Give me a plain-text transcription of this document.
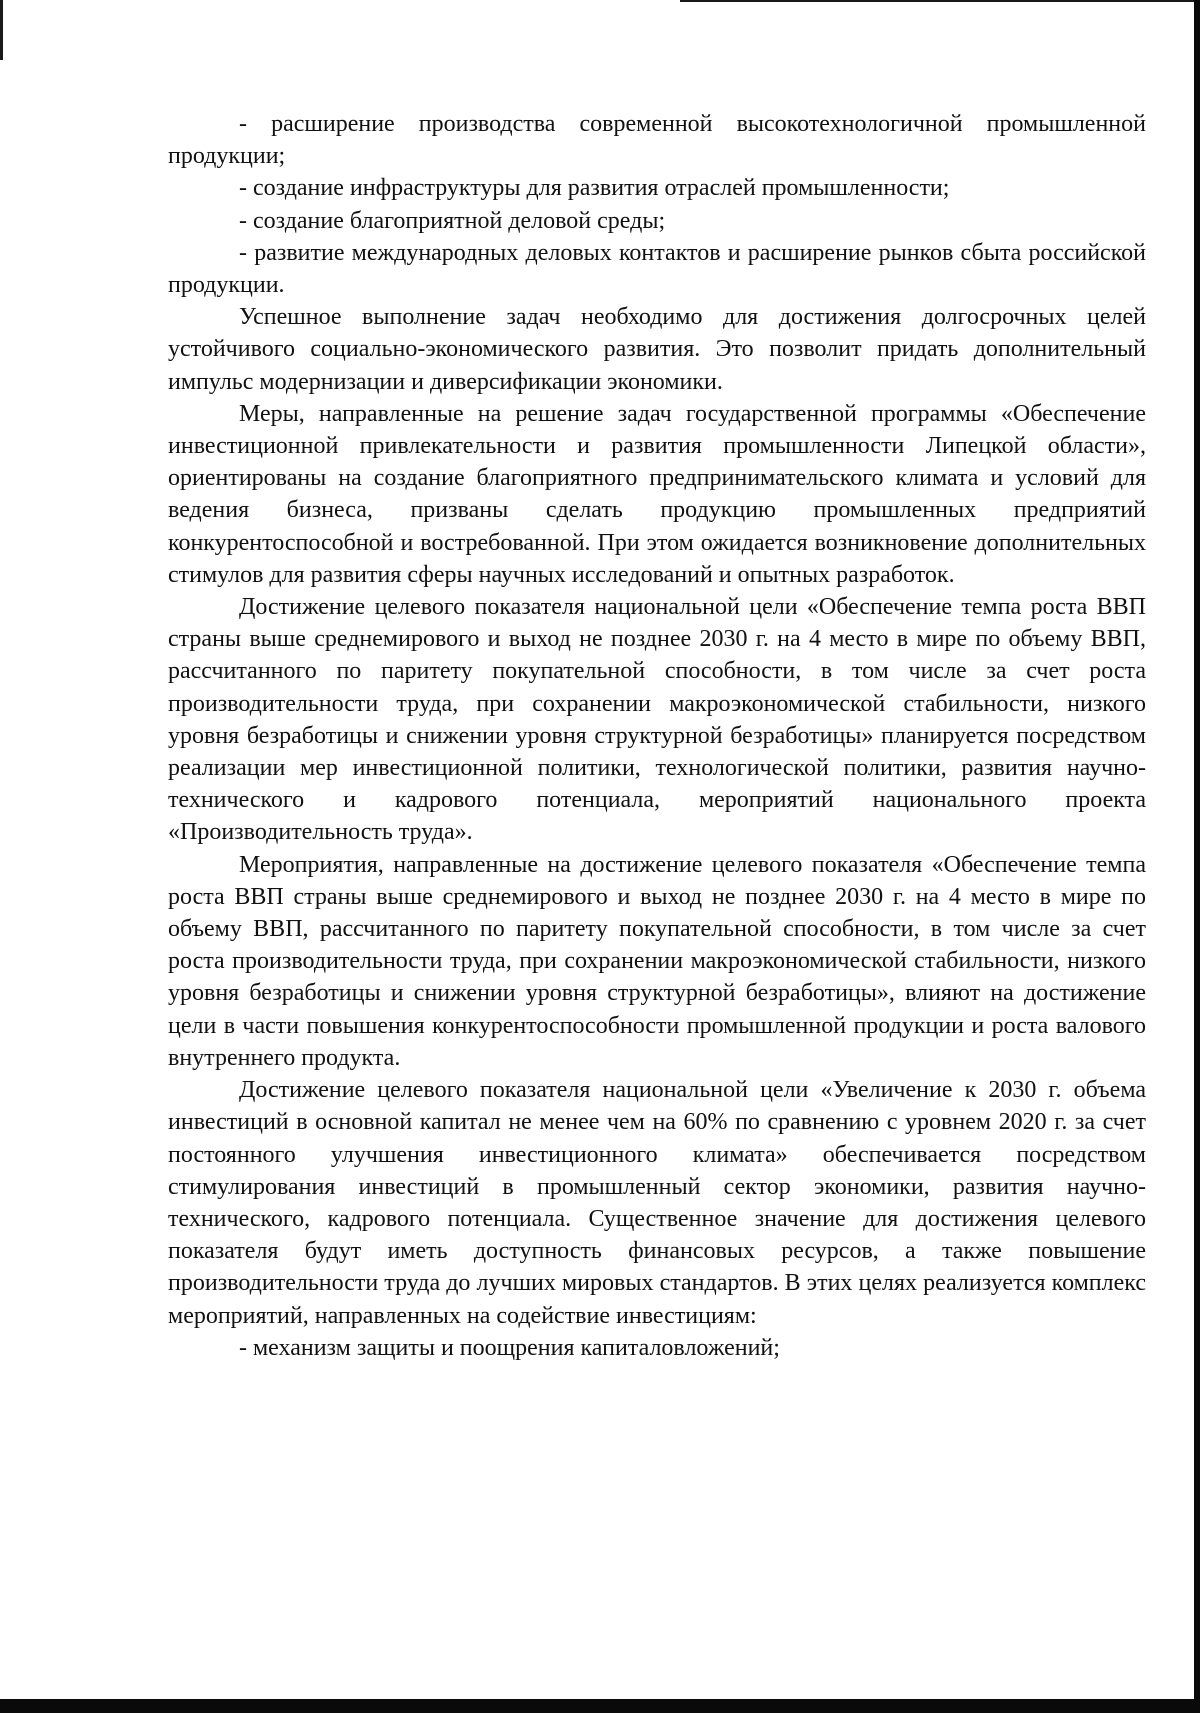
- расширение производства современной высокотехнологичной промышленной продукции;

- создание инфраструктуры для развития отраслей промышленности;

- создание благоприятной деловой среды;

- развитие международных деловых контактов и расширение рынков сбыта российской продукции.

Успешное выполнение задач необходимо для достижения долгосрочных целей устойчивого социально-экономического развития. Это позволит придать дополнительный импульс модернизации и диверсификации экономики.

Меры, направленные на решение задач государственной программы «Обеспечение инвестиционной привлекательности и развития промышленности Липецкой области», ориентированы на создание благоприятного предпринимательского климата и условий для ведения бизнеса, призваны сделать продукцию промышленных предприятий конкурентоспособной и востребованной. При этом ожидается возникновение дополнительных стимулов для развития сферы научных исследований и опытных разработок.

Достижение целевого показателя национальной цели «Обеспечение темпа роста ВВП страны выше среднемирового и выход не позднее 2030 г. на 4 место в мире по объему ВВП, рассчитанного по паритету покупательной способности, в том числе за счет роста производительности труда, при сохранении макроэкономической стабильности, низкого уровня безработицы и снижении уровня структурной безработицы» планируется посредством реализации мер инвестиционной политики, технологической политики, развития научно-технического и кадрового потенциала, мероприятий национального проекта «Производительность труда».

Мероприятия, направленные на достижение целевого показателя «Обеспечение темпа роста ВВП страны выше среднемирового и выход не позднее 2030 г. на 4 место в мире по объему ВВП, рассчитанного по паритету покупательной способности, в том числе за счет роста производительности труда, при сохранении макроэкономической стабильности, низкого уровня безработицы и снижении уровня структурной безработицы», влияют на достижение цели в части повышения конкурентоспособности промышленной продукции и роста валового внутреннего продукта.

Достижение целевого показателя национальной цели «Увеличение к 2030 г. объема инвестиций в основной капитал не менее чем на 60% по сравнению с уровнем 2020 г. за счет постоянного улучшения инвестиционного климата» обеспечивается посредством стимулирования инвестиций в промышленный сектор экономики, развития научно-технического, кадрового потенциала. Существенное значение для достижения целевого показателя будут иметь доступность финансовых ресурсов, а также повышение производительности труда до лучших мировых стандартов. В этих целях реализуется комплекс мероприятий, направленных на содействие инвестициям:

- механизм защиты и поощрения капиталовложений;
